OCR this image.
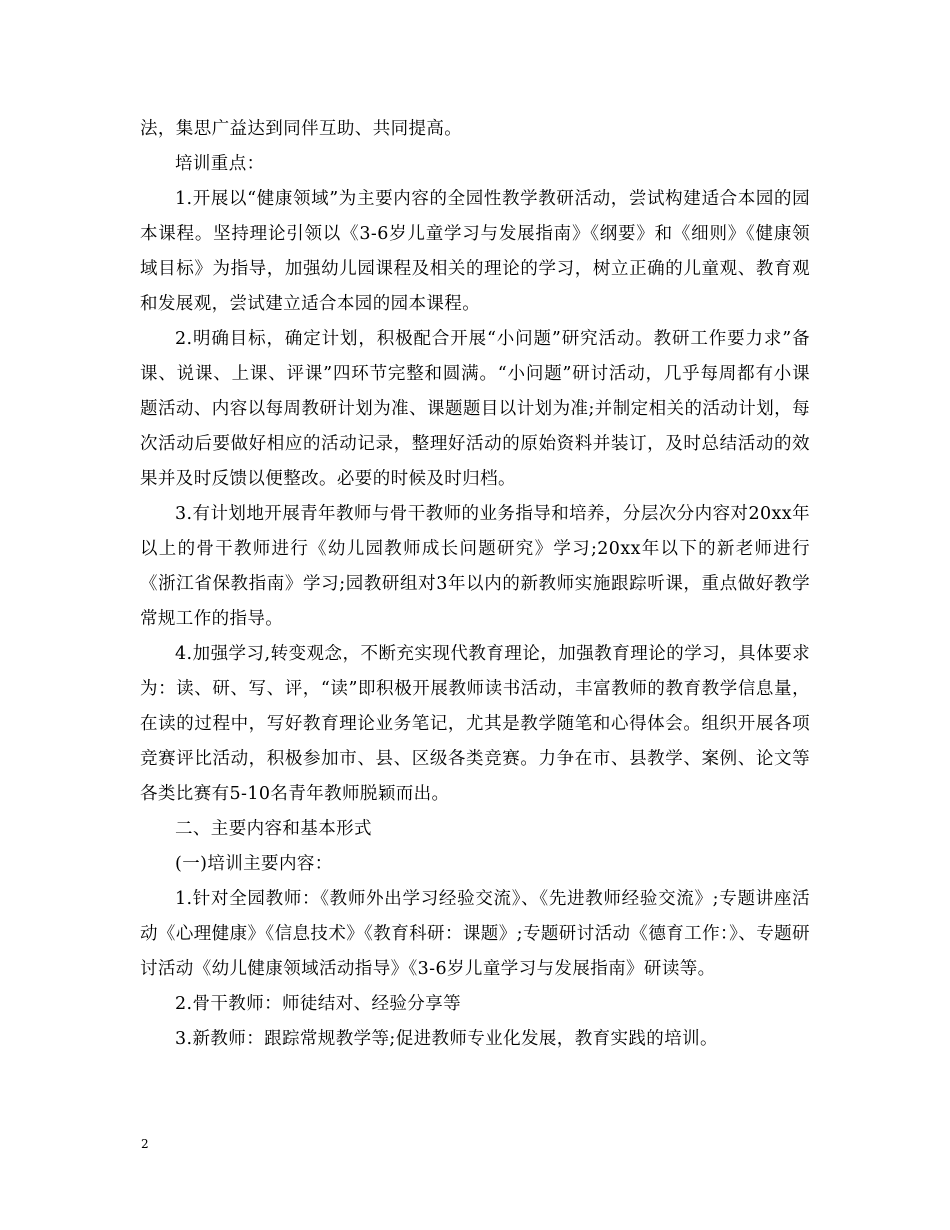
法，集思广益达到同伴互助、共同提高。

培训重点：

1.开展以“健康领域”为主要内容的全园性教学教研活动，尝试构建适合本园的园本课程。坚持理论引领以《3-6岁儿童学习与发展指南》《纲要》和《细则》《健康领域目标》为指导，加强幼儿园课程及相关的理论的学习，树立正确的儿童观、教育观和发展观，尝试建立适合本园的园本课程。

2.明确目标，确定计划，积极配合开展“小问题”研究活动。教研工作要力求”备课、说课、上课、评课”四环节完整和圆满。“小问题”研讨活动，几乎每周都有小课题活动、内容以每周教研计划为准、课题题目以计划为准;并制定相关的活动计划，每次活动后要做好相应的活动记录，整理好活动的原始资料并装订，及时总结活动的效果并及时反馈以便整改。必要的时候及时归档。

3.有计划地开展青年教师与骨干教师的业务指导和培养，分层次分内容对20xx年以上的骨干教师进行《幼儿园教师成长问题研究》学习;20xx年以下的新老师进行《浙江省保教指南》学习;园教研组对3年以内的新教师实施跟踪听课，重点做好教学常规工作的指导。

4.加强学习,转变观念，不断充实现代教育理论，加强教育理论的学习，具体要求为：读、研、写、评，“读”即积极开展教师读书活动，丰富教师的教育教学信息量，在读的过程中，写好教育理论业务笔记，尤其是教学随笔和心得体会。组织开展各项竞赛评比活动，积极参加市、县、区级各类竞赛。力争在市、县教学、案例、论文等各类比赛有5-10名青年教师脱颖而出。

二、主要内容和基本形式

(一)培训主要内容：

1.针对全园教师：《教师外出学习经验交流》、《先进教师经验交流》;专题讲座活动《心理健康》《信息技术》《教育科研：课题》;专题研讨活动《德育工作：》、专题研讨活动《幼儿健康领域活动指导》《3-6岁儿童学习与发展指南》研读等。

2.骨干教师：师徒结对、经验分享等

3.新教师：跟踪常规教学等;促进教师专业化发展，教育实践的培训。

2
